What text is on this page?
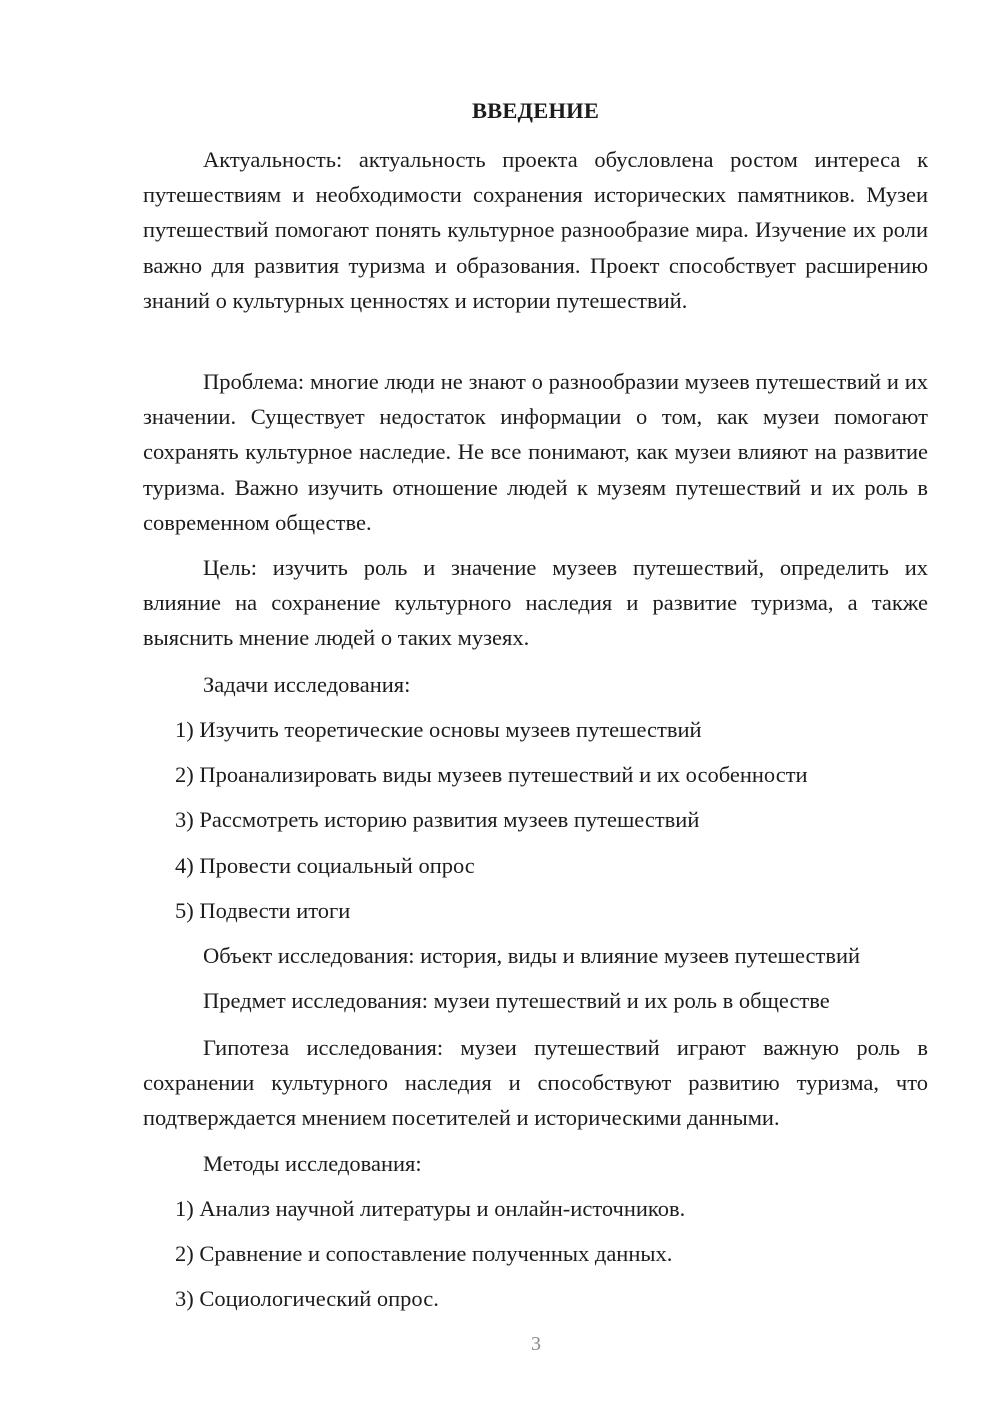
ВВЕДЕНИЕ

Актуальность: актуальность проекта обусловлена ростом интереса к путешествиям и необходимости сохранения исторических памятников. Музеи путешествий помогают понять культурное разнообразие мира. Изучение их роли важно для развития туризма и образования. Проект способствует расширению знаний о культурных ценностях и истории путешествий.

Проблема: многие люди не знают о разнообразии музеев путешествий и их значении. Существует недостаток информации о том, как музеи помогают сохранять культурное наследие. Не все понимают, как музеи влияют на развитие туризма. Важно изучить отношение людей к музеям путешествий и их роль в современном обществе.

Цель: изучить роль и значение музеев путешествий, определить их влияние на сохранение культурного наследия и развитие туризма, а также выяснить мнение людей о таких музеях.

Задачи исследования:
1) Изучить теоретические основы музеев путешествий
2) Проанализировать виды музеев путешествий и их особенности
3) Рассмотреть историю развития музеев путешествий
4) Провести социальный опрос
5) Подвести итоги
Объект исследования: история, виды и влияние музеев путешествий
Предмет исследования: музеи путешествий и их роль в обществе

Гипотеза исследования: музеи путешествий играют важную роль в сохранении культурного наследия и способствуют развитию туризма, что подтверждается мнением посетителей и историческими данными.

Методы исследования:
1) Анализ научной литературы и онлайн-источников.
2) Сравнение и сопоставление полученных данных.
3) Социологический опрос.
3
